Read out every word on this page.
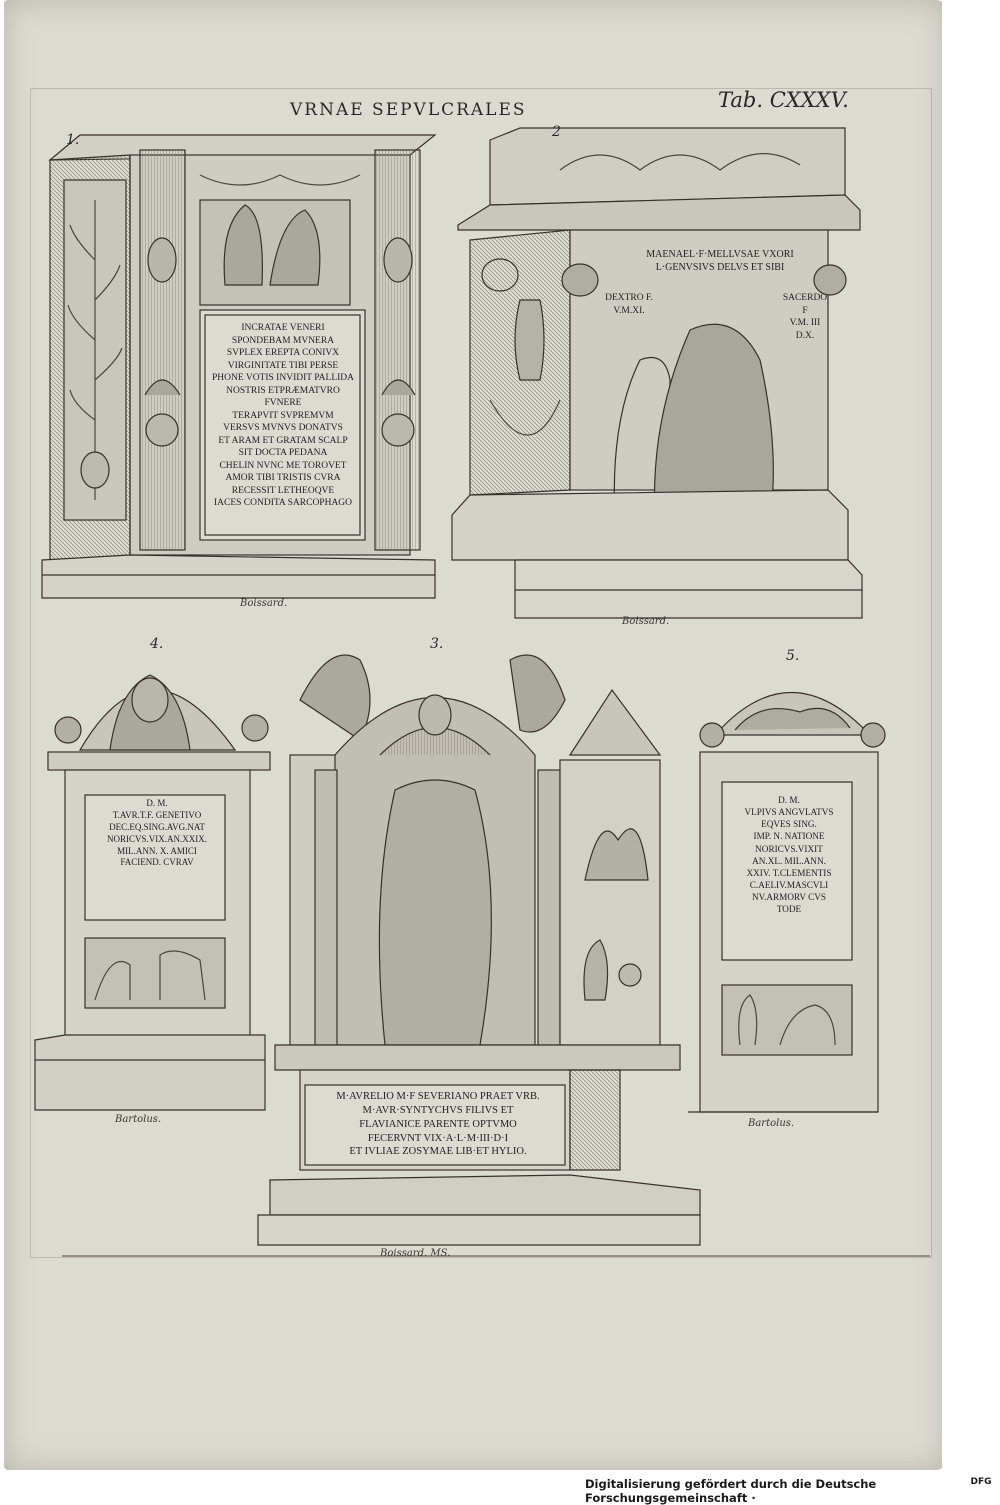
VRNAE SEPVLCRALES	Tab. CXXXV.
1.	2
3.
4.
5.
INCRATAE VENERI
SPONDEBAM MVNERA
SVPLEX EREPTA CONIVX
VIRGINITATE TIBI PERSE
PHONE VOTIS INVIDIT PALLIDA
NOSTRIS ETPRÆMATVRO FVNERE
TERAPVIT SVPREMVM
VERSVS MVNVS DONATVS
ET ARAM ET GRATAM SCALP
SIT DOCTA PEDANA
CHELIN NVNC ME TOROVET
AMOR TIBI TRISTIS CVRA
RECESSIT LETHEOQVE
IACES CONDITA SARCOPHAGO
MAENAEL·F·MELLVSAE VXORI
L·GENVSIVS DELVS ET SIBI
DEXTRO F.
V.M.XI.
SACERDO
F
V.M. III
D.X.
M·AVRELIO M·F SEVERIANO PRAET VRB.
M·AVR·SYNTYCHVS FILIVS ET
FLAVIANICE PARENTE OPTVMO
FECERVNT VIX·A·L·M·III·D·I
ET IVLIAE ZOSYMAE LIB·ET HYLIO.
D. M.
T.AVR.T.F. GENETIVO
DEC.EQ.SING.AVG.NAT
NORICVS.VIX.AN.XXIX.
MIL.ANN. X. AMICI
FACIEND. CVRAV
D. M.
VLPIVS ANGVLATVS
EQVES SING.
IMP. N. NATIONE
NORICVS.VIXIT
AN.XL. MIL.ANN.
XXIV. T.CLEMENTIS
C.AELIV.MASCVLI
NV.ARMORV CVS
TODE
Boissard.
Boissard.
Boissard. MS.
Bartolus.	Bartolus.
Digitalisierung gefördert durch die Deutsche Forschungsgemeinschaft ·
DFG
